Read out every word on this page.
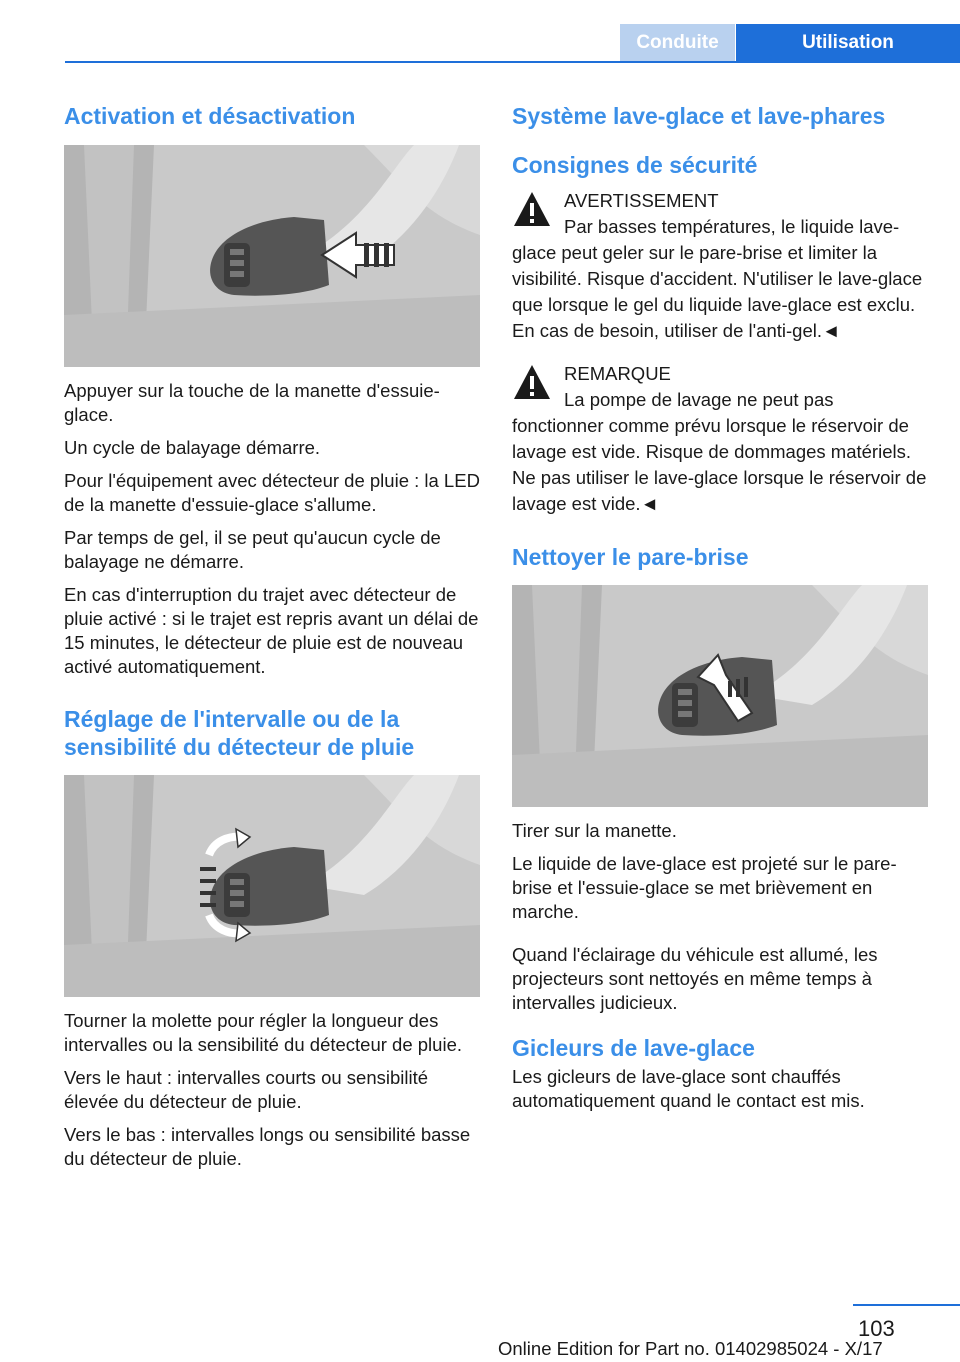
Conduite	Utilisation
Activation et désactivation

Appuyer sur la touche de la manette d'essuie-glace.

Un cycle de balayage démarre.

Pour l'équipement avec détecteur de pluie : la LED de la manette d'essuie-glace s'allume.

Par temps de gel, il se peut qu'aucun cycle de balayage ne démarre.

En cas d'interruption du trajet avec détecteur de pluie activé : si le trajet est repris avant un délai de 15 minutes, le détecteur de pluie est de nouveau activé automatiquement.

Réglage de l'intervalle ou de la sensibilité du détecteur de pluie

Tourner la molette pour régler la longueur des intervalles ou la sensibilité du détecteur de pluie.

Vers le haut : intervalles courts ou sensibilité élevée du détecteur de pluie.

Vers le bas : intervalles longs ou sensibilité basse du détecteur de pluie.

Système lave-glace et lave-phares
Consignes de sécurité
AVERTISSEMENT
Par basses températures, le liquide lave-glace peut geler sur le pare-brise et limiter la visibilité. Risque d'accident. N'utiliser le lave-glace que lorsque le gel du liquide lave-glace est exclu. En cas de besoin, utiliser de l'anti-gel.◄
REMARQUE
La pompe de lavage ne peut pas fonctionner comme prévu lorsque le réservoir de lavage est vide. Risque de dommages matériels. Ne pas utiliser le lave-glace lorsque le réservoir de lavage est vide.◄
Nettoyer le pare-brise

Tirer sur la manette.

Le liquide de lave-glace est projeté sur le pare-brise et l'essuie-glace se met brièvement en marche.

Quand l'éclairage du véhicule est allumé, les projecteurs sont nettoyés en même temps à intervalles judicieux.

Gicleurs de lave-glace

Les gicleurs de lave-glace sont chauffés automatiquement quand le contact est mis.

103
Online Edition for Part no. 01402985024 - X/17
